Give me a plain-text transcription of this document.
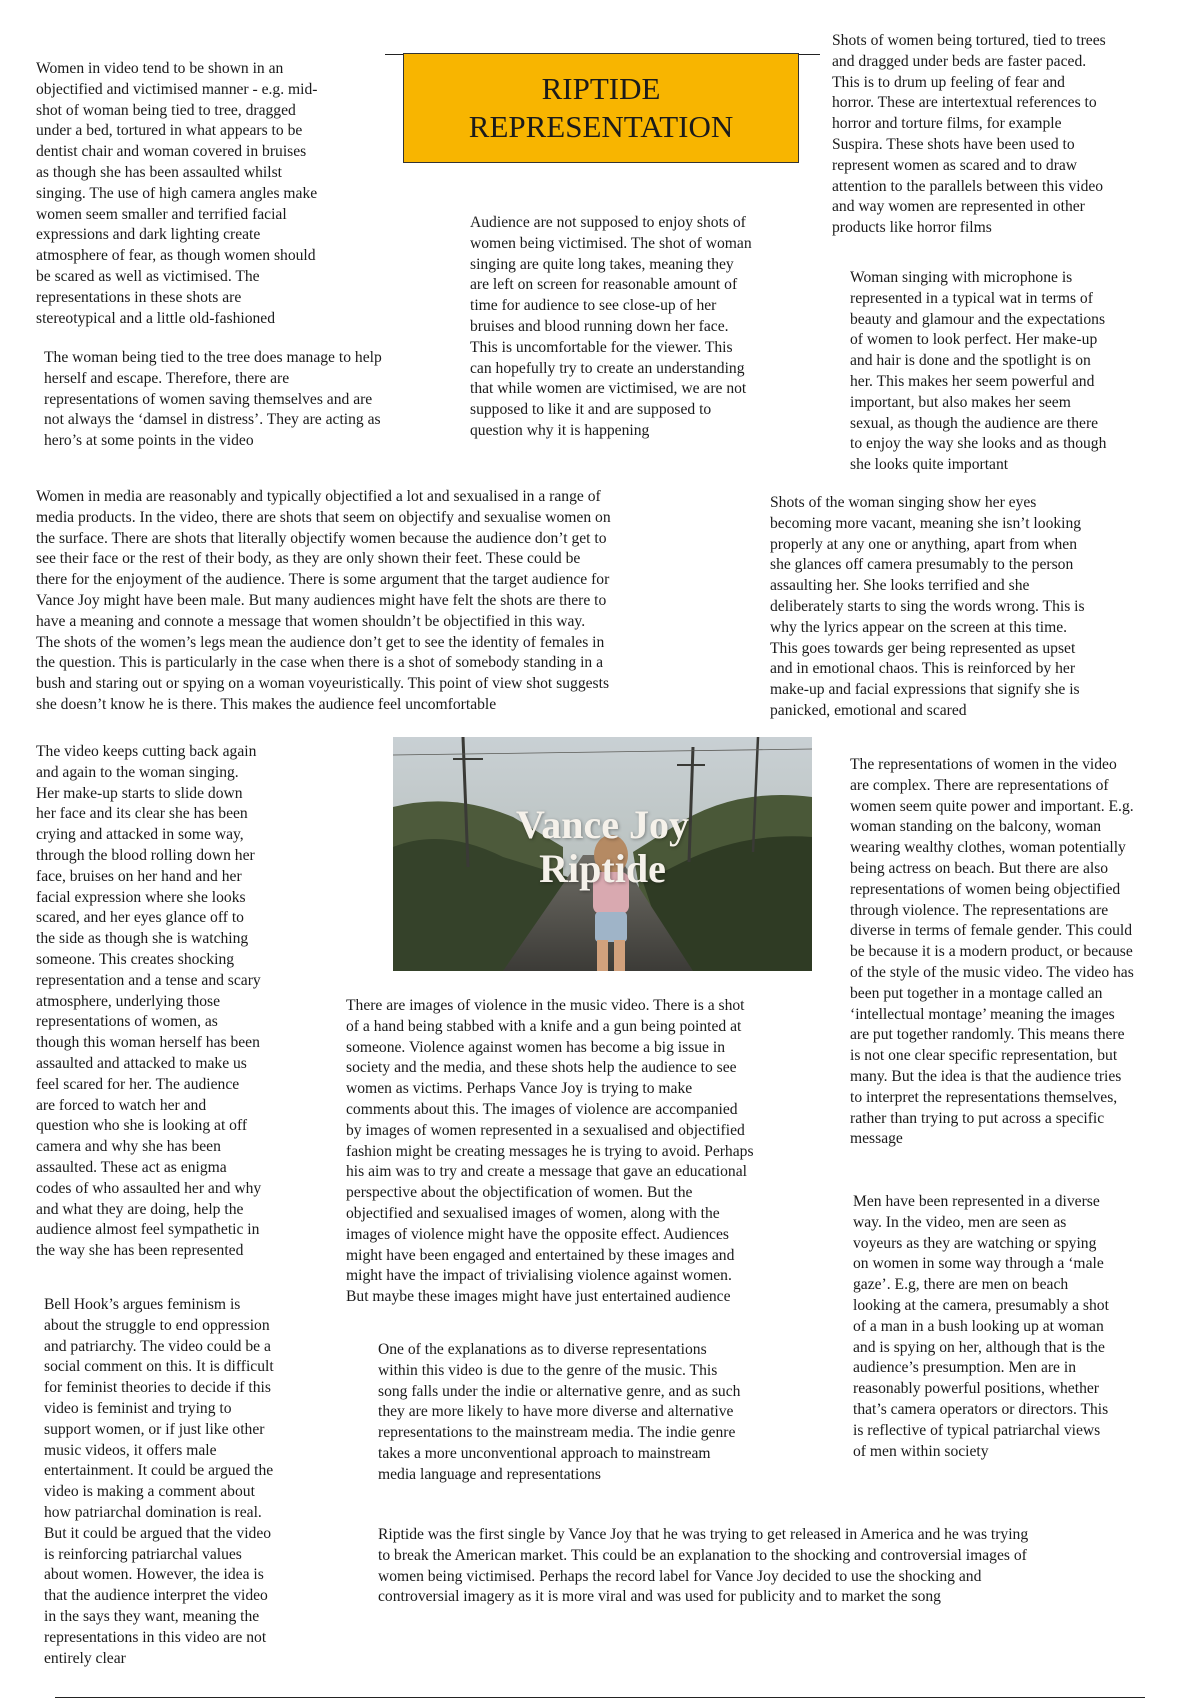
RIPTIDE
REPRESENTATION

Women in video tend to be shown in an
objectified and victimised manner - e.g. mid-
shot of woman being tied to tree, dragged
under a bed, tortured in what appears to be
dentist chair and woman covered in bruises
as though she has been assaulted whilst
singing. The use of high camera angles make
women seem smaller and terrified facial
expressions and dark lighting create
atmosphere of fear, as though women should
be scared as well as victimised. The
representations in these shots are
stereotypical and a little old-fashioned

The woman being tied to the tree does manage to help
herself and escape. Therefore, there are
representations of women saving themselves and are
not always the ‘damsel in distress’. They are acting as
hero’s at some points in the video

Shots of women being tortured, tied to trees
and dragged under beds are faster paced.
This is to drum up feeling of fear and
horror. These are intertextual references to
horror and torture films, for example
Suspira. These shots have been used to
represent women as scared and to draw
attention to the parallels between this video
and way women are represented in other
products like horror films

Audience are not supposed to enjoy shots of
women being victimised. The shot of woman
singing are quite long takes, meaning they
are left on screen for reasonable amount of
time for audience to see close-up of her
bruises and blood running down her face.
This is uncomfortable for the viewer. This
can hopefully try to create an understanding
that while women are victimised, we are not
supposed to like it and are supposed to
question why it is happening

Woman singing with microphone is
represented in a typical wat in terms of
beauty and glamour and the expectations
of women to look perfect. Her make-up
and hair is done and the spotlight is on
her. This makes her seem powerful and
important, but also makes her seem
sexual, as though the audience are there
to enjoy the way she looks and as though
she looks quite important

Women in media are reasonably and typically objectified a lot and sexualised in a range of
media products. In the video, there are shots that seem on objectify and sexualise women on
the surface. There are shots that literally objectify women because the audience don’t get to
see their face or the rest of their body, as they are only shown their feet. These could be
there for the enjoyment of the audience. There is some argument that the target audience for
Vance Joy might have been male. But many audiences might have felt the shots are there to
have a meaning and connote a message that women shouldn’t be objectified in this way.
The shots of the women’s legs mean the audience don’t get to see the identity of females in
the question. This is particularly in the case when there is a shot of somebody standing in a
bush and staring out or spying on a woman voyeuristically. This point of view shot suggests
she doesn’t know he is there. This makes the audience feel uncomfortable

Shots of the woman singing show her eyes
becoming more vacant, meaning she isn’t looking
properly at any one or anything, apart from when
she glances off camera presumably to the person
assaulting her. She looks terrified and she
deliberately starts to sing the words wrong. This is
why the lyrics appear on the screen at this time.
This goes towards ger being represented as upset
and in emotional chaos. This is reinforced by her
make-up and facial expressions that signify she is
panicked, emotional and scared

The video keeps cutting back again
and again to the woman singing.
Her make-up starts to slide down
her face and its clear she has been
crying and attacked in some way,
through the blood rolling down her
face, bruises on her hand and her
facial expression where she looks
scared, and her eyes glance off to
the side as though she is watching
someone. This creates shocking
representation and a tense and scary
atmosphere, underlying those
representations of women, as
though this woman herself has been
assaulted and attacked to make us
feel scared for her. The audience
are forced to watch her and
question who she is looking at off
camera and why she has been
assaulted. These act as enigma
codes of who assaulted her and why
and what they are doing, help the
audience almost feel sympathetic in
the way she has been represented

Vance Joy
Riptide

The representations of women in the video
are complex. There are representations of
women seem quite power and important. E.g.
woman standing on the balcony, woman
wearing wealthy clothes, woman potentially
being actress on beach. But there are also
representations of women being objectified
through violence. The representations are
diverse in terms of female gender. This could
be because it is a modern product, or because
of the style of the music video. The video has
been put together in a montage called an
‘intellectual montage’ meaning the images
are put together randomly. This means there
is not one clear specific representation, but
many. But the idea is that the audience tries
to interpret the representations themselves,
rather than trying to put across a specific
message

There are images of violence in the music video. There is a shot
of a hand being stabbed with a knife and a gun being pointed at
someone. Violence against women has become a big issue in
society and the media, and these shots help the audience to see
women as victims. Perhaps Vance Joy is trying to make
comments about this. The images of violence are accompanied
by images of women represented in a sexualised and objectified
fashion might be creating messages he is trying to avoid. Perhaps
his aim was to try and create a message that gave an educational
perspective about the objectification of women. But the
objectified and sexualised images of women, along with the
images of violence might have the opposite effect. Audiences
might have been engaged and entertained by these images and
might have the impact of trivialising violence against women.
But maybe these images might have just entertained audience

Men have been represented in a diverse
way. In the video, men are seen as
voyeurs as they are watching or spying
on women in some way through a ‘male
gaze’. E.g, there are men on beach
looking at the camera, presumably a shot
of a man in a bush looking up at woman
and is spying on her, although that is the
audience’s presumption. Men are in
reasonably powerful positions, whether
that’s camera operators or directors. This
is reflective of typical patriarchal views
of men within society

Bell Hook’s argues feminism is
about the struggle to end oppression
and patriarchy. The video could be a
social comment on this. It is difficult
for feminist theories to decide if this
video is feminist and trying to
support women, or if just like other
music videos, it offers male
entertainment. It could be argued the
video is making a comment about
how patriarchal domination is real.
But it could be argued that the video
is reinforcing patriarchal values
about women. However, the idea is
that the audience interpret the video
in the says they want, meaning the
representations in this video are not
entirely clear

One of the explanations as to diverse representations
within this video is due to the genre of the music. This
song falls under the indie or alternative genre, and as such
they are more likely to have more diverse and alternative
representations to the mainstream media. The indie genre
takes a more unconventional approach to mainstream
media language and representations

Riptide was the first single by Vance Joy that he was trying to get released in America and he was trying
to break the American market. This could be an explanation to the shocking and controversial images of
women being victimised. Perhaps the record label for Vance Joy decided to use the shocking and
controversial imagery as it is more viral and was used for publicity and to market the song
